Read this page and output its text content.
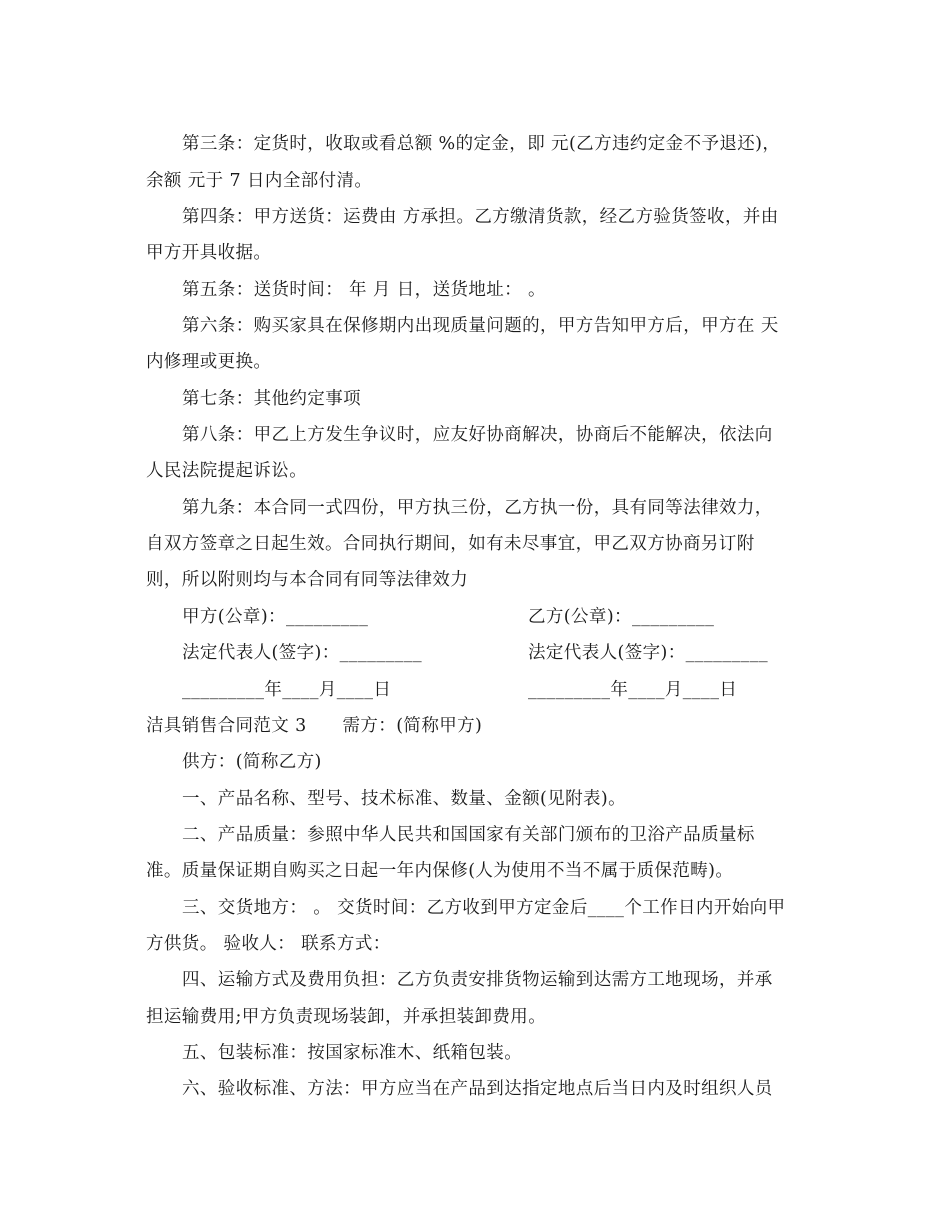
第三条：定货时，收取或看总额 %的定金，即 元(乙方违约定金不予退还)，
余额 元于 7 日内全部付清。
第四条：甲方送货：运费由 方承担。乙方缴清货款，经乙方验货签收，并由
甲方开具收据。
第五条：送货时间： 年 月 日，送货地址： 。
第六条：购买家具在保修期内出现质量问题的，甲方告知甲方后，甲方在 天
内修理或更换。
第七条：其他约定事项
第八条：甲乙上方发生争议时，应友好协商解决，协商后不能解决，依法向
人民法院提起诉讼。
第九条：本合同一式四份，甲方执三份，乙方执一份，具有同等法律效力，
自双方签章之日起生效。合同执行期间，如有未尽事宜，甲乙双方协商另订附
则，所以附则均与本合同有同等法律效力
甲方(公章)：_________	乙方(公章)：_________
法定代表人(签字)：_________	法定代表人(签字)：_________
_________年____月____日	_________年____月____日
洁具销售合同范文 3　　需方：(简称甲方)
供方：(简称乙方)
一、产品名称、型号、技术标准、数量、金额(见附表)。
二、产品质量：参照中华人民共和国国家有关部门颁布的卫浴产品质量标
准。质量保证期自购买之日起一年内保修(人为使用不当不属于质保范畴)。
三、交货地方： 。 交货时间：乙方收到甲方定金后____个工作日内开始向甲
方供货。 验收人： 联系方式：
四、运输方式及费用负担：乙方负责安排货物运输到达需方工地现场，并承
担运输费用;甲方负责现场装卸，并承担装卸费用。
五、包装标准：按国家标准木、纸箱包装。
六、验收标准、方法：甲方应当在产品到达指定地点后当日内及时组织人员
